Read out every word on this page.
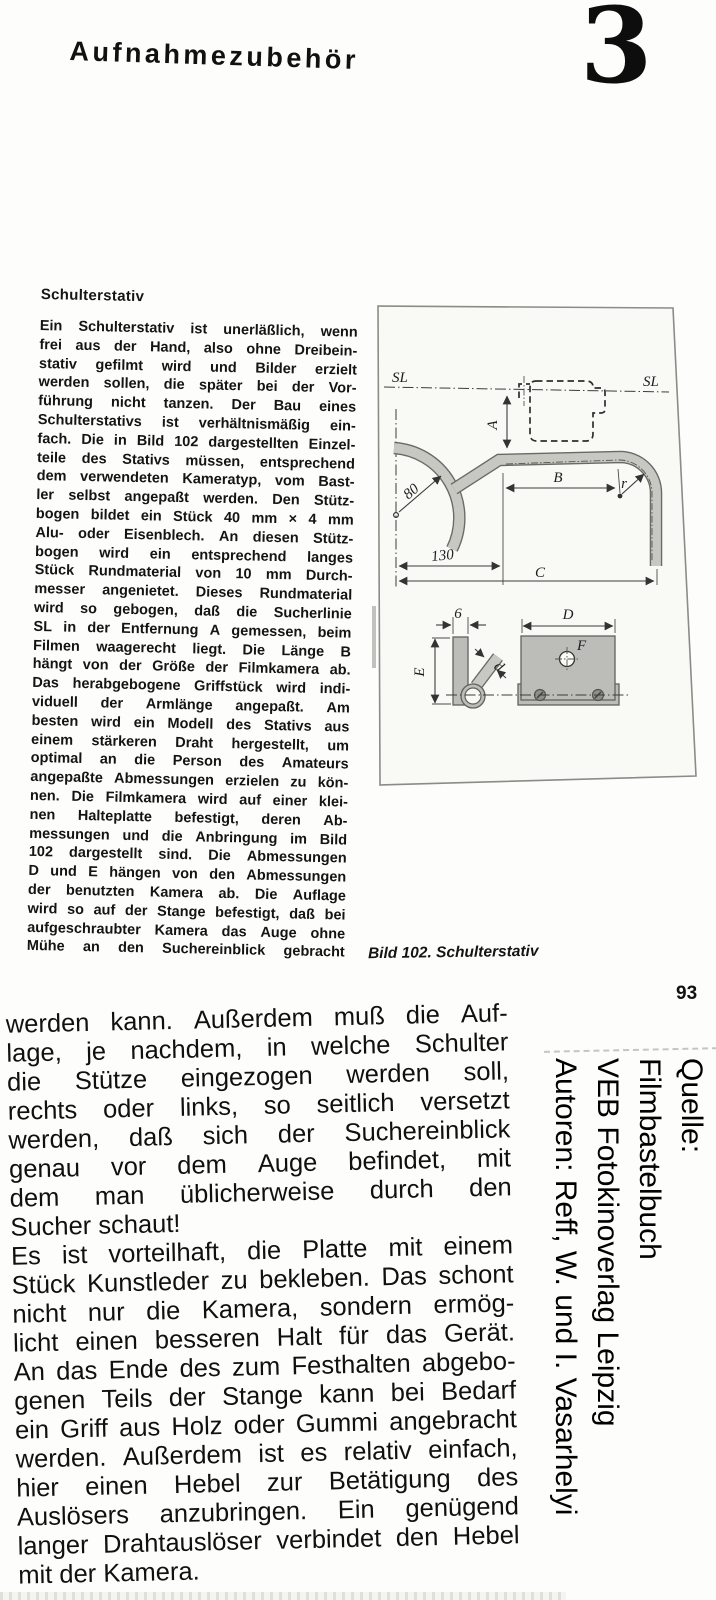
Aufnahmezubehör 3
Schulterstativ
Ein Schulterstativ ist unerläßlich, wenn
frei aus der Hand, also ohne Dreibein-
stativ gefilmt wird und Bilder erzielt
werden sollen, die später bei der Vor-
führung nicht tanzen. Der Bau eines
Schulterstativs ist verhältnismäßig ein-
fach. Die in Bild 102 dargestellten Einzel-
teile des Stativs müssen, entsprechend
dem verwendeten Kameratyp, vom Bast-
ler selbst angepaßt werden. Den Stütz-
bogen bildet ein Stück 40 mm × 4 mm
Alu- oder Eisenblech. An diesen Stütz-
bogen wird ein entsprechend langes
Stück Rundmaterial von 10 mm Durch-
messer angenietet. Dieses Rundmaterial
wird so gebogen, daß die Sucherlinie
SL in der Entfernung A gemessen, beim
Filmen waagerecht liegt. Die Länge B
hängt von der Größe der Filmkamera ab.
Das herabgebogene Griffstück wird indi-
viduell der Armlänge angepaßt. Am
besten wird ein Modell des Stativs aus
einem stärkeren Draht hergestellt, um
optimal an die Person des Amateurs
angepaßte Abmessungen erzielen zu kön-
nen. Die Filmkamera wird auf einer klei-
nen Halteplatte befestigt, deren Ab-
messungen und die Anbringung im Bild
102 dargestellt sind. Die Abmessungen
D und E hängen von den Abmessungen
der benutzten Kamera ab. Die Auflage
wird so auf der Stange befestigt, daß bei
aufgeschraubter Kamera das Auge ohne
Mühe an den Suchereinblick gebracht
SL	SL
A
B	r
80
130
C
6
E	d
D
F
Bild 102. Schulterstativ
93
werden kann. Außerdem muß die Auf-
lage, je nachdem, in welche Schulter
die Stütze eingezogen werden soll,
rechts oder links, so seitlich versetzt
werden, daß sich der Suchereinblick
genau vor dem Auge befindet, mit
dem man üblicherweise durch den
Sucher schaut!
Es ist vorteilhaft, die Platte mit einem
Stück Kunstleder zu bekleben. Das schont
nicht nur die Kamera, sondern ermög-
licht einen besseren Halt für das Gerät.
An das Ende des zum Festhalten abgebo-
genen Teils der Stange kann bei Bedarf
ein Griff aus Holz oder Gummi angebracht
werden. Außerdem ist es relativ einfach,
hier einen Hebel zur Betätigung des
Auslösers anzubringen. Ein genügend
langer Drahtauslöser verbindet den Hebel
mit der Kamera.
Quelle:
Filmbastelbuch
VEB Fotokinoverlag Leipzig
Autoren: Reff, W. und I. Vasarhelyi
